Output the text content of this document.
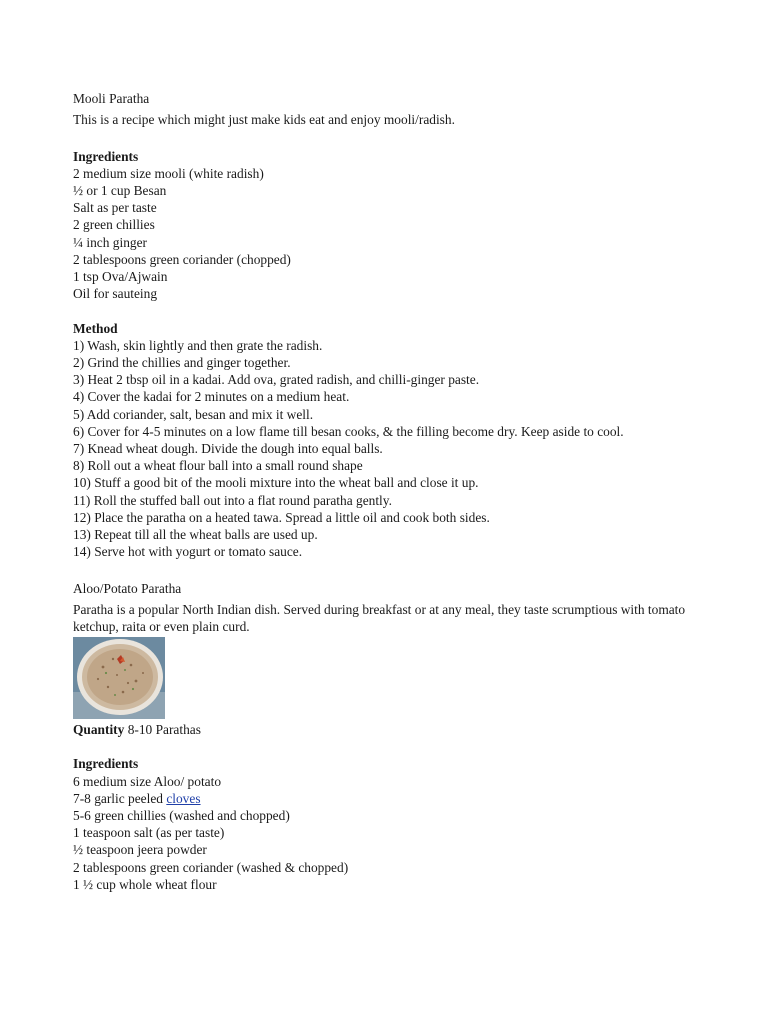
Mooli Paratha
This is a recipe which might just make kids eat and enjoy mooli/radish.
Ingredients
2 medium size mooli (white radish)
½ or 1 cup Besan
Salt as per taste
2 green chillies
¼ inch ginger
2 tablespoons green coriander (chopped)
1 tsp Ova/Ajwain
Oil for sauteing
Method
1) Wash, skin lightly and then grate the radish.
2) Grind the chillies and ginger together.
3) Heat 2 tbsp oil in a kadai. Add ova, grated radish, and chilli-ginger paste.
4) Cover the kadai for 2 minutes on a medium heat.
5) Add coriander, salt, besan and mix it well.
6) Cover for 4-5 minutes on a low flame till besan cooks, & the filling become dry. Keep aside to cool.
7) Knead wheat dough. Divide the dough into equal balls.
8) Roll out a wheat flour ball into a small round shape
10) Stuff a good bit of the mooli mixture into the wheat ball and close it up.
11) Roll the stuffed ball out into a flat round paratha gently.
12) Place the paratha on a heated tawa. Spread a little oil and cook both sides.
13) Repeat till all the wheat balls are used up.
14) Serve hot with yogurt or tomato sauce.
Aloo/Potato Paratha
Paratha is a popular North Indian dish. Served during breakfast or at any meal, they taste scrumptious with tomato ketchup, raita or even plain curd.
Quantity 8-10 Parathas
Ingredients
6 medium size Aloo/ potato
7-8 garlic peeled cloves
5-6 green chillies (washed and chopped)
1 teaspoon salt (as per taste)
½ teaspoon jeera powder
2 tablespoons green coriander (washed & chopped)
1 ½ cup whole wheat flour
